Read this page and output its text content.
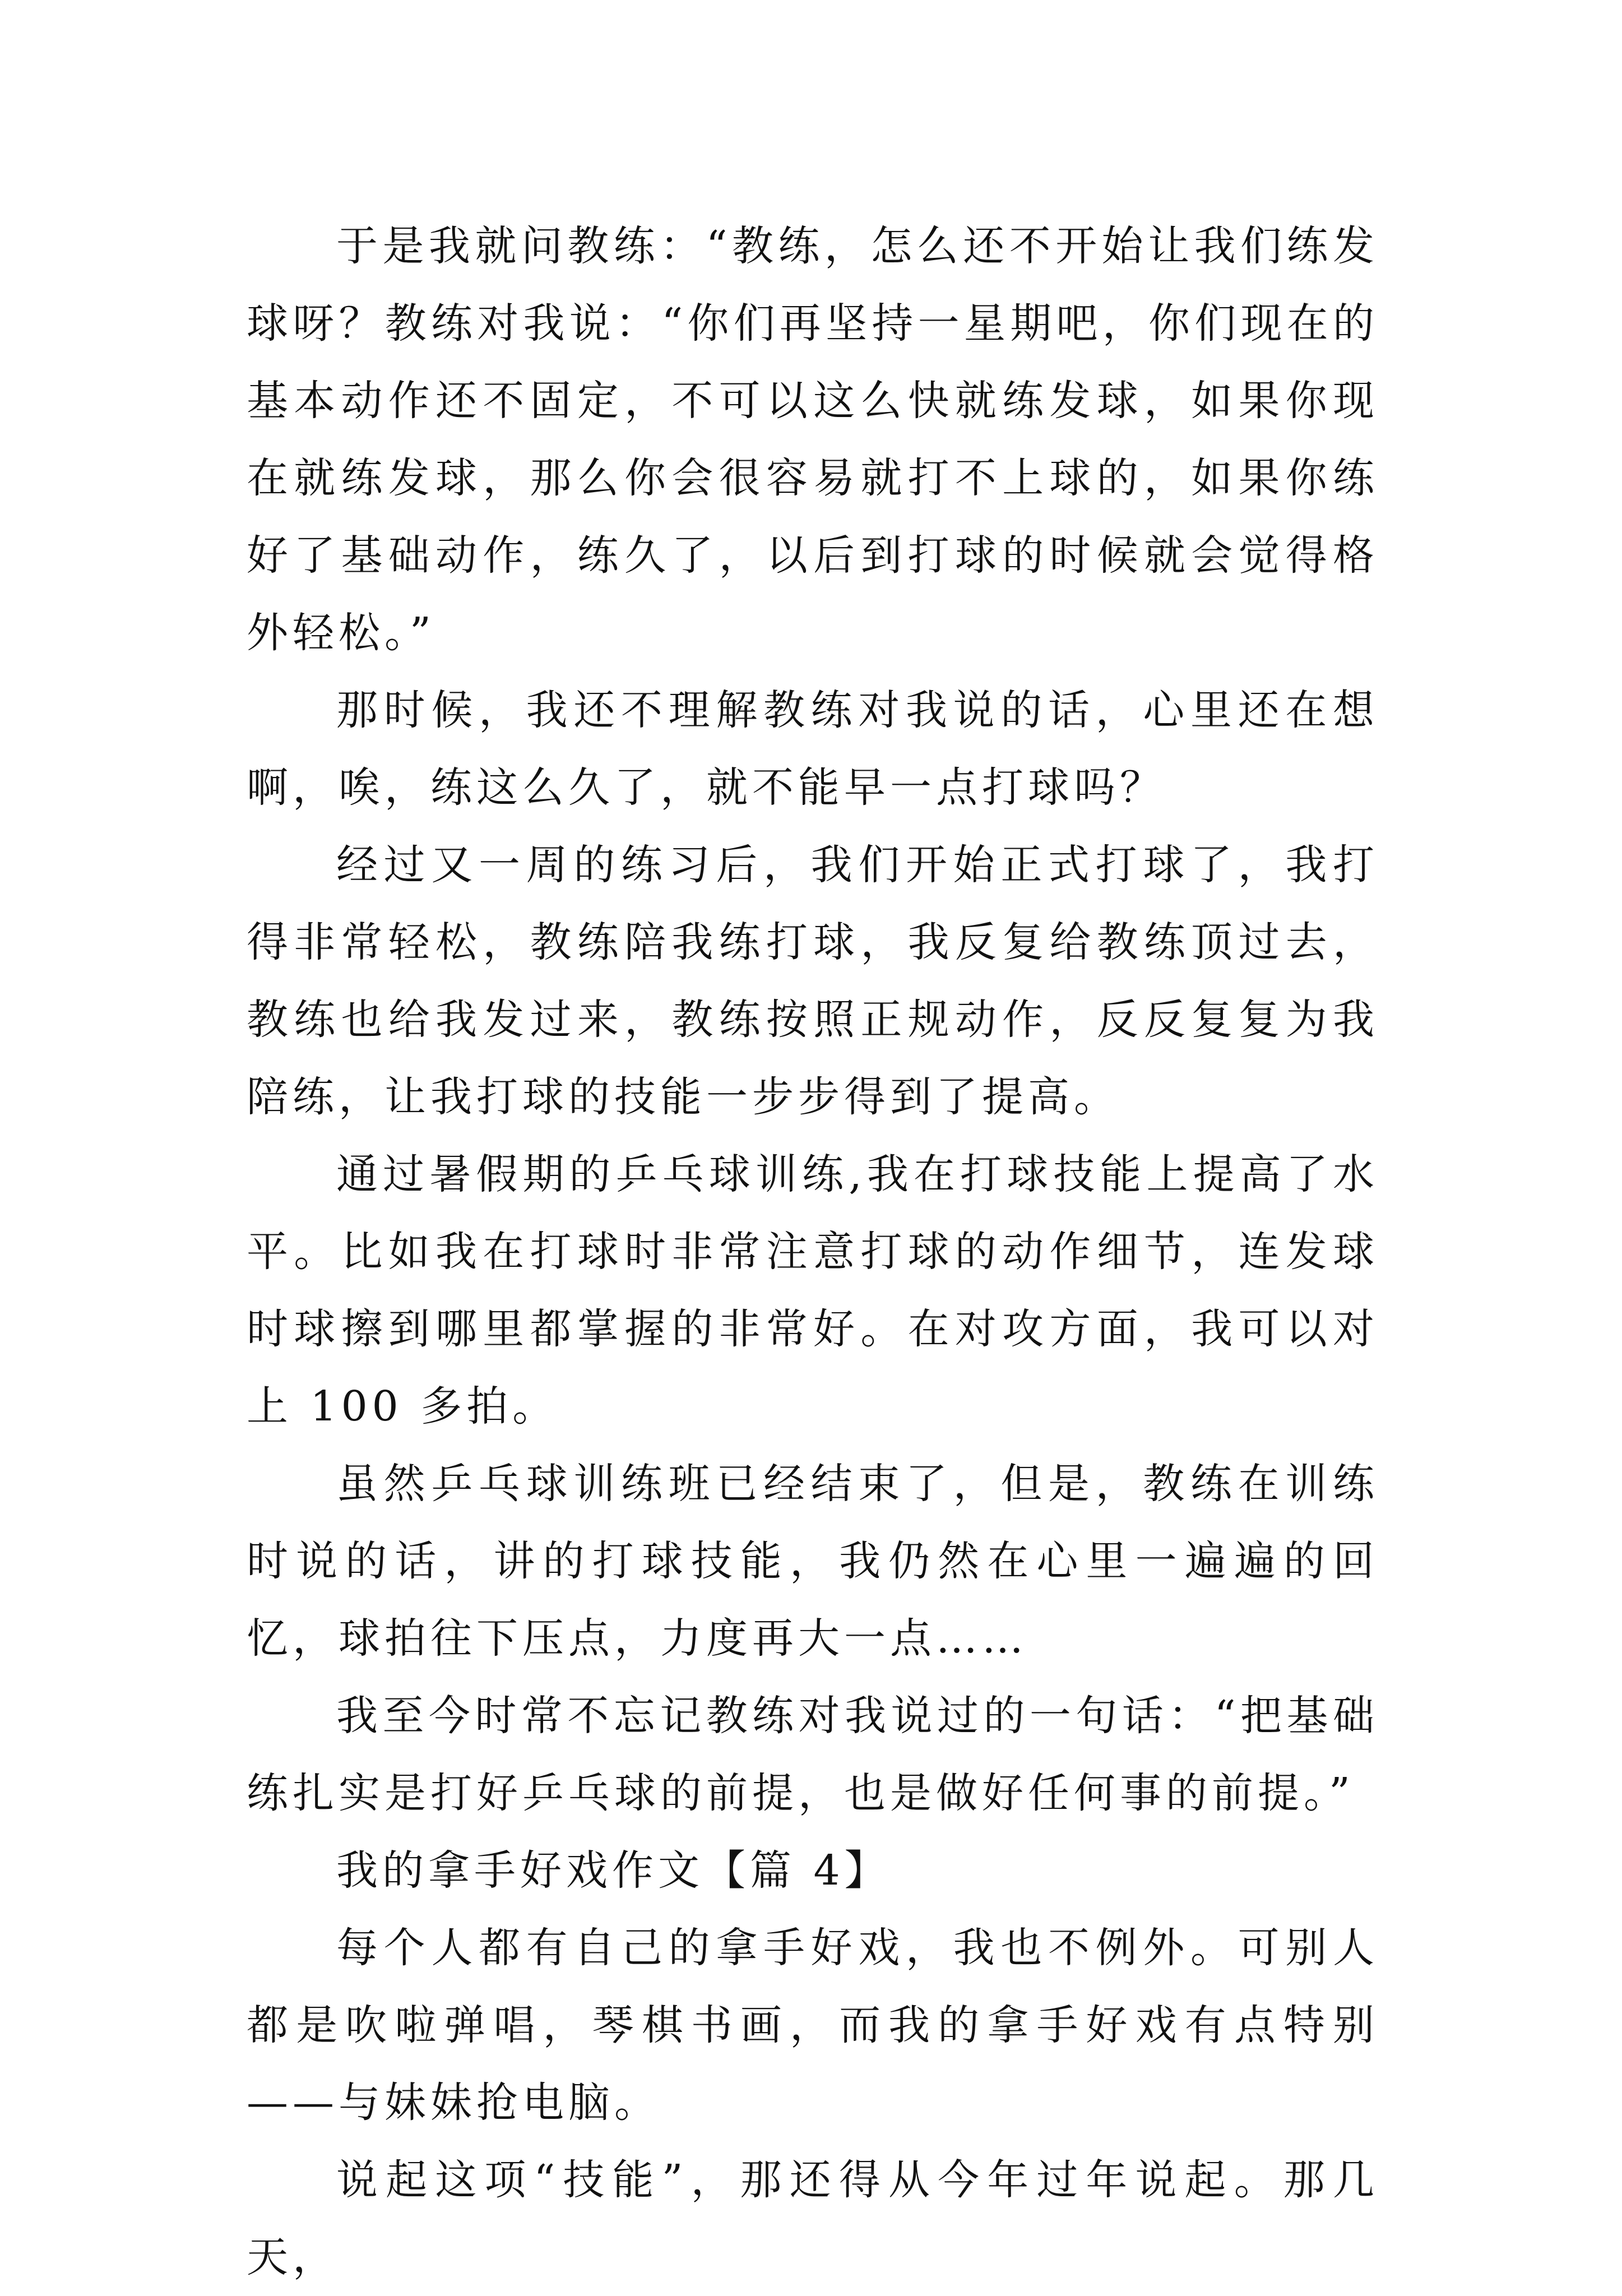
于是我就问教练：“教练，怎么还不开始让我们练发球呀？教练对我说：“你们再坚持一星期吧，你们现在的基本动作还不固定，不可以这么快就练发球，如果你现在就练发球，那么你会很容易就打不上球的，如果你练好了基础动作，练久了，以后到打球的时候就会觉得格外轻松。”

那时候，我还不理解教练对我说的话，心里还在想啊，唉，练这么久了，就不能早一点打球吗？

经过又一周的练习后，我们开始正式打球了，我打得非常轻松，教练陪我练打球，我反复给教练顶过去，教练也给我发过来，教练按照正规动作，反反复复为我陪练，让我打球的技能一步步得到了提高。

通过暑假期的乒乓球训练,我在打球技能上提高了水平。比如我在打球时非常注意打球的动作细节，连发球时球擦到哪里都掌握的非常好。在对攻方面，我可以对上 100 多拍。

虽然乒乓球训练班已经结束了，但是，教练在训练时说的话，讲的打球技能，我仍然在心里一遍遍的回忆，球拍往下压点，力度再大一点……

我至今时常不忘记教练对我说过的一句话：“把基础练扎实是打好乒乓球的前提，也是做好任何事的前提。”

我的拿手好戏作文【篇 4】

每个人都有自己的拿手好戏，我也不例外。可别人都是吹啦弹唱，琴棋书画，而我的拿手好戏有点特别——与妹妹抢电脑。

说起这项“技能”，那还得从今年过年说起。那几天，
